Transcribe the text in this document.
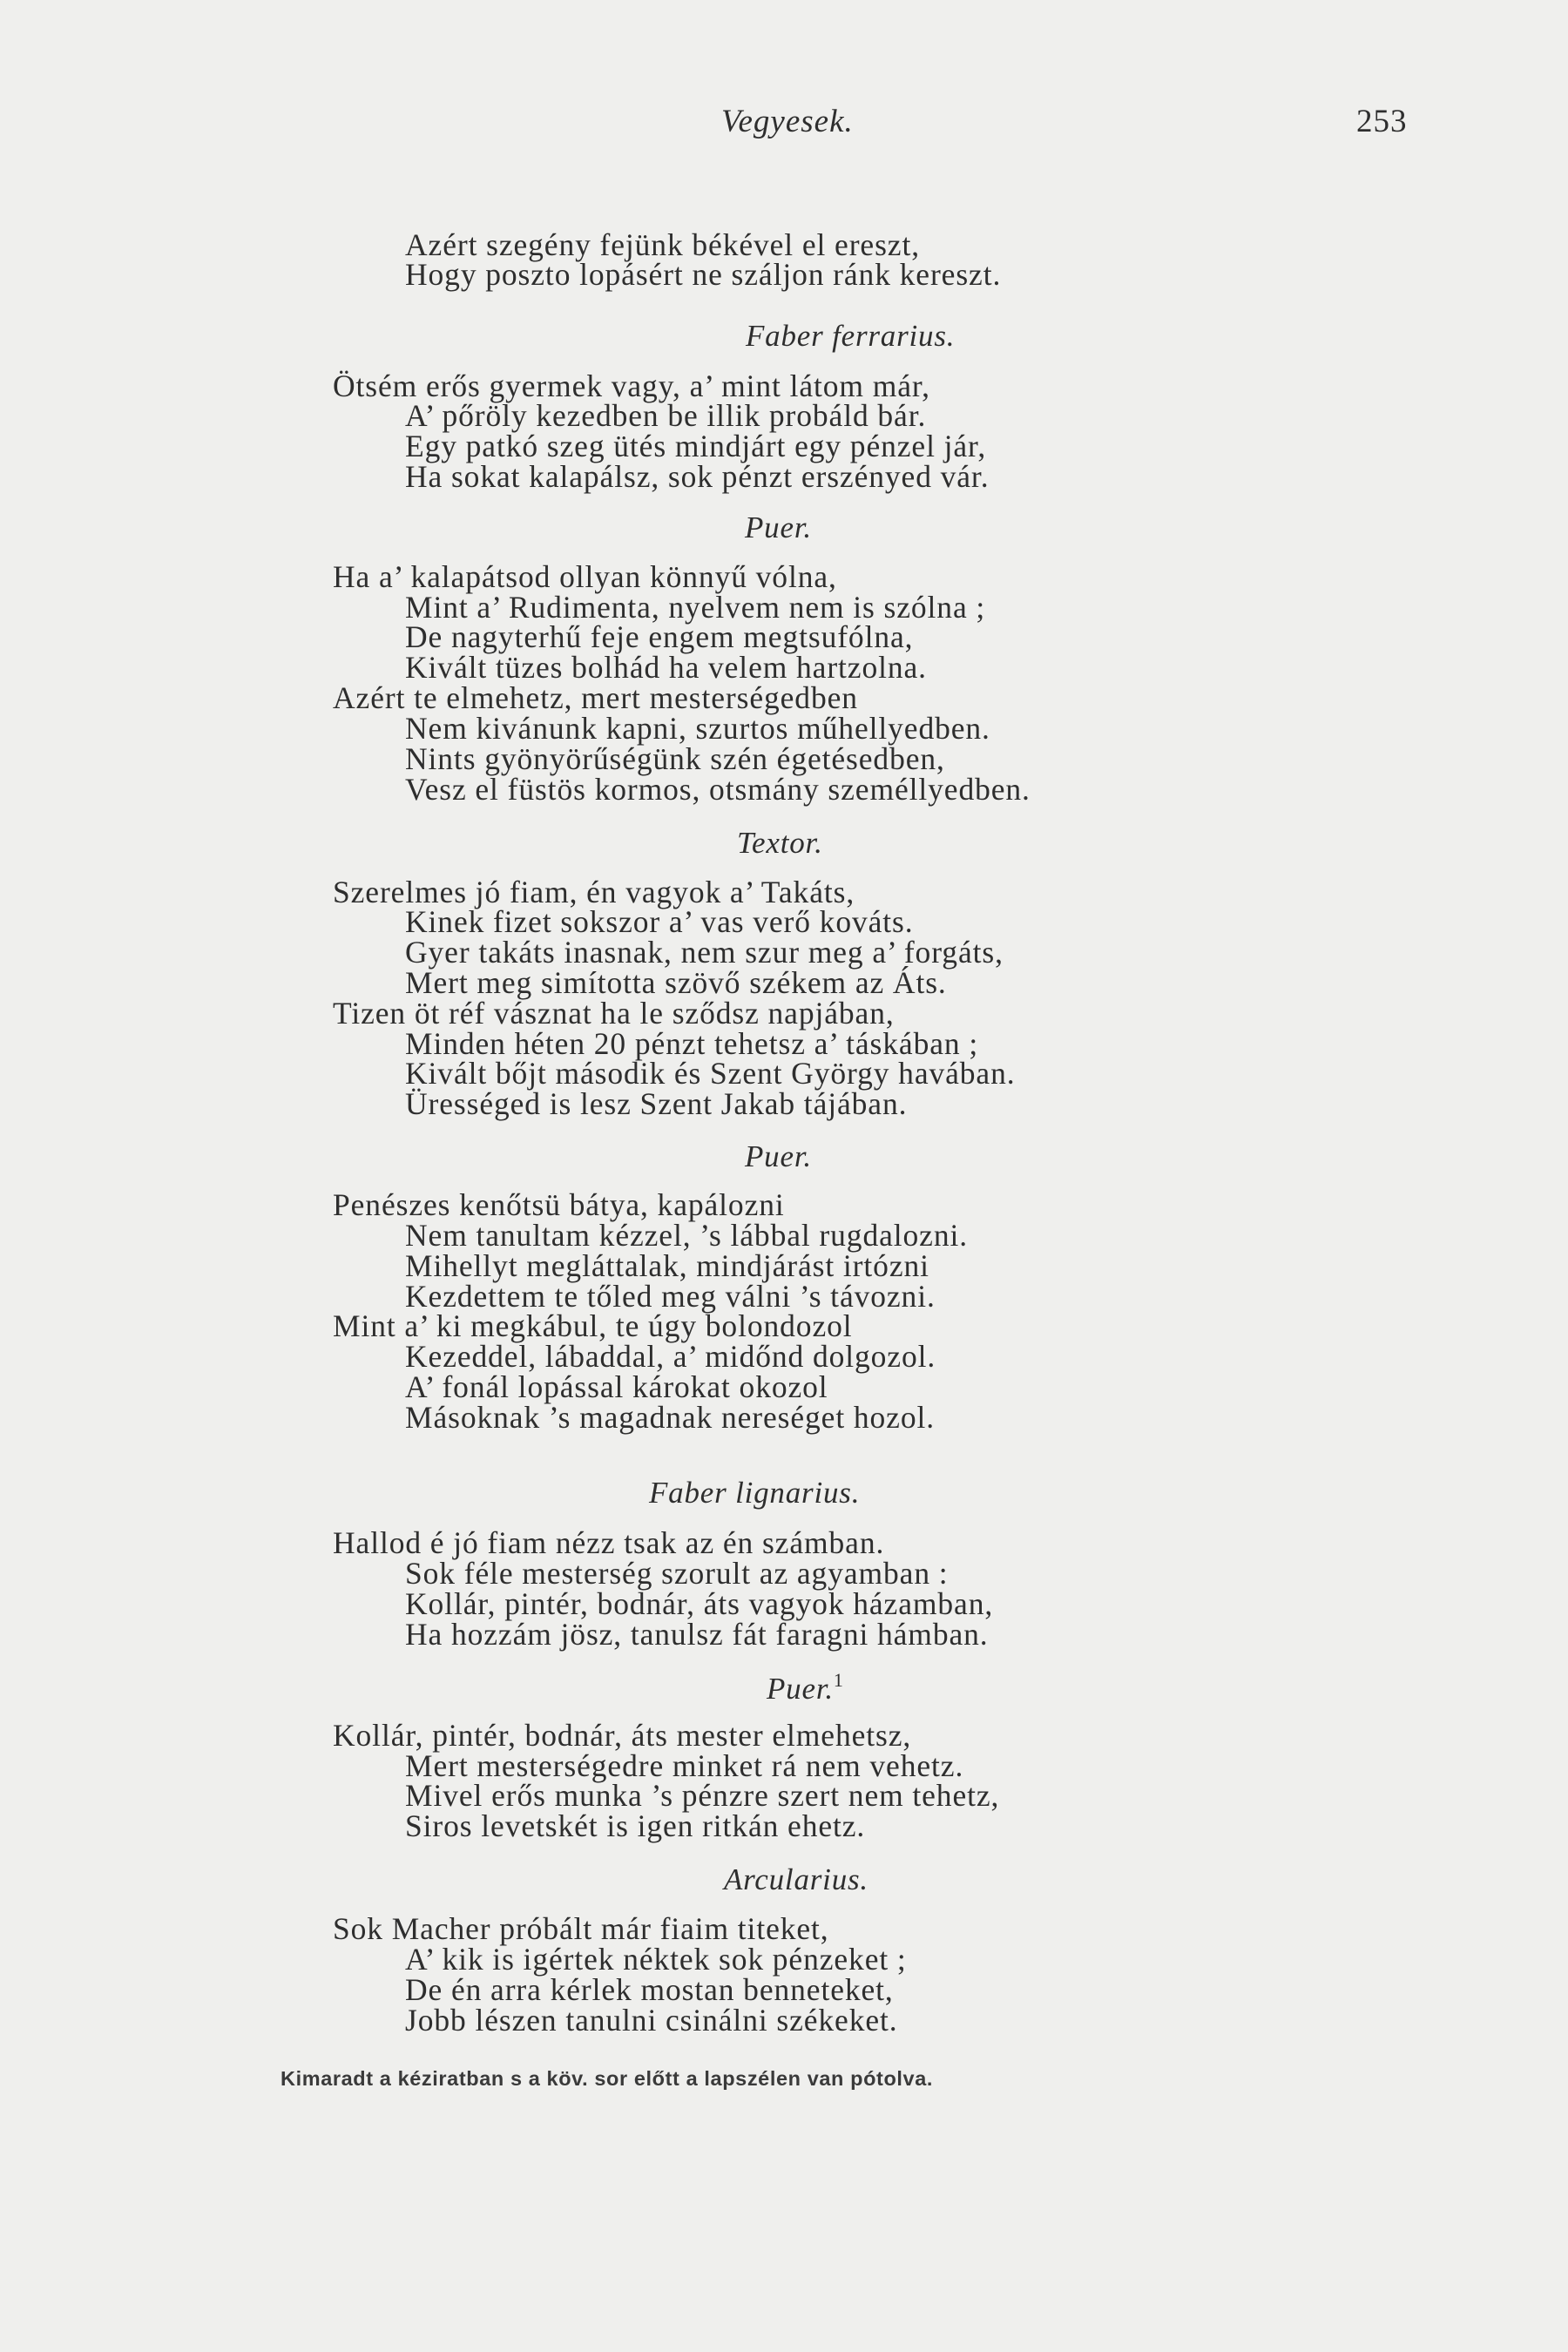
Vegyesek.	253
Azért szegény fejünk békével el ereszt,
Hogy poszto lopásért ne száljon ránk kereszt.
Ötsém erős gyermek vagy, a’ mint látom már,
A’ pőröly kezedben be illik probáld bár.
Egy patkó szeg ütés mindjárt egy pénzel jár,
Ha sokat kalapálsz, sok pénzt erszényed vár.
Ha a’ kalapátsod ollyan könnyű vólna,
Mint a’ Rudimenta, nyelvem nem is szólna ;
De nagyterhű feje engem megtsufólna,
Kivált tüzes bolhád ha velem hartzolna.
Azért te elmehetz, mert mesterségedben
Nem kivánunk kapni, szurtos műhellyedben.
Nints gyönyörűségünk szén égetésedben,
Vesz el füstös kormos, otsmány személlyedben.
Szerelmes jó fiam, én vagyok a’ Takáts,
Kinek fizet sokszor a’ vas verő kováts.
Gyer takáts inasnak, nem szur meg a’ forgáts,
Mert meg simította szövő székem az Áts.
Tizen öt réf vásznat ha le sződsz napjában,
Minden héten 20 pénzt tehetsz a’ táskában ;
Kivált bőjt második és Szent György havában.
Ürességed is lesz Szent Jakab tájában.
Penészes kenőtsü bátya, kapálozni
Nem tanultam kézzel, ’s lábbal rugdalozni.
Mihellyt megláttalak, mindjárást irtózni
Kezdettem te tőled meg válni ’s távozni.
Mint a’ ki megkábul, te úgy bolondozol
Kezeddel, lábaddal, a’ midőnd dolgozol.
A’ fonál lopással károkat okozol
Másoknak ’s magadnak nereséget hozol.
Hallod é jó fiam nézz tsak az én számban.
Sok féle mesterség szorult az agyamban :
Kollár, pintér, bodnár, áts vagyok házamban,
Ha hozzám jösz, tanulsz fát faragni hámban.
Kollár, pintér, bodnár, áts mester elmehetsz,
Mert mesterségedre minket rá nem vehetz.
Mivel erős munka ’s pénzre szert nem tehetz,
Siros levetskét is igen ritkán ehetz.
Sok Macher próbált már fiaim titeket,
A’ kik is igértek néktek sok pénzeket ;
De én arra kérlek mostan benneteket,
Jobb lészen tanulni csinálni székeket.
Faber ferrarius.
Puer.
Textor.
Puer.
Faber lignarius.
Puer.$^1$
Arcularius.
Kimaradt a kéziratban s a köv. sor előtt a lapszélen van pótolva.
